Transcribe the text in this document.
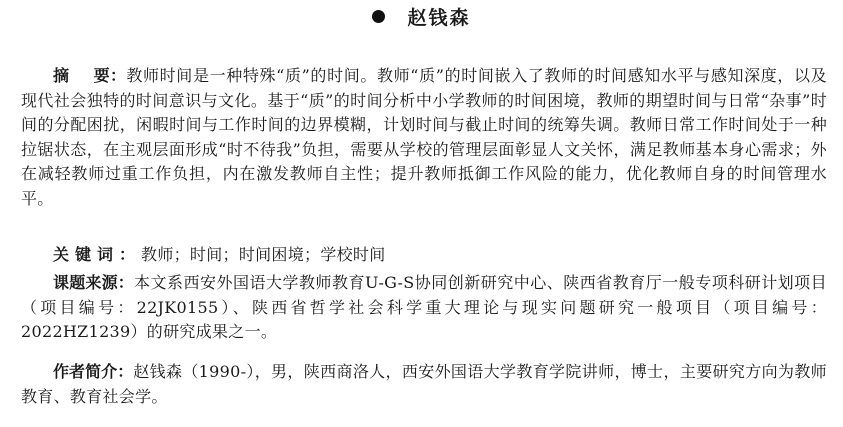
赵钱森

摘 要：教师时间是一种特殊“质”的时间。教师“质”的时间嵌入了教师的时间感知水平与感知深度，以及现代社会独特的时间意识与文化。基于“质”的时间分析中小学教师的时间困境，教师的期望时间与日常“杂事”时间的分配困扰，闲暇时间与工作时间的边界模糊，计划时间与截止时间的统筹失调。教师日常工作时间处于一种拉锯状态，在主观层面形成“时不待我”负担，需要从学校的管理层面彰显人文关怀，满足教师基本身心需求；外在减轻教师过重工作负担，内在激发教师自主性；提升教师抵御工作风险的能力，优化教师自身的时间管理水平。

关键词：教师；时间；时间困境；学校时间

课题来源：本文系西安外国语大学教师教育U-G-S协同创新研究中心、陕西省教育厅一般专项科研计划项目（项目编号：22JK0155）、陕西省哲学社会科学重大理论与现实问题研究一般项目（项目编号：2022HZ1239）的研究成果之一。

作者简介：赵钱森（1990-），男，陕西商洛人，西安外国语大学教育学院讲师，博士，主要研究方向为教师教育、教育社会学。
